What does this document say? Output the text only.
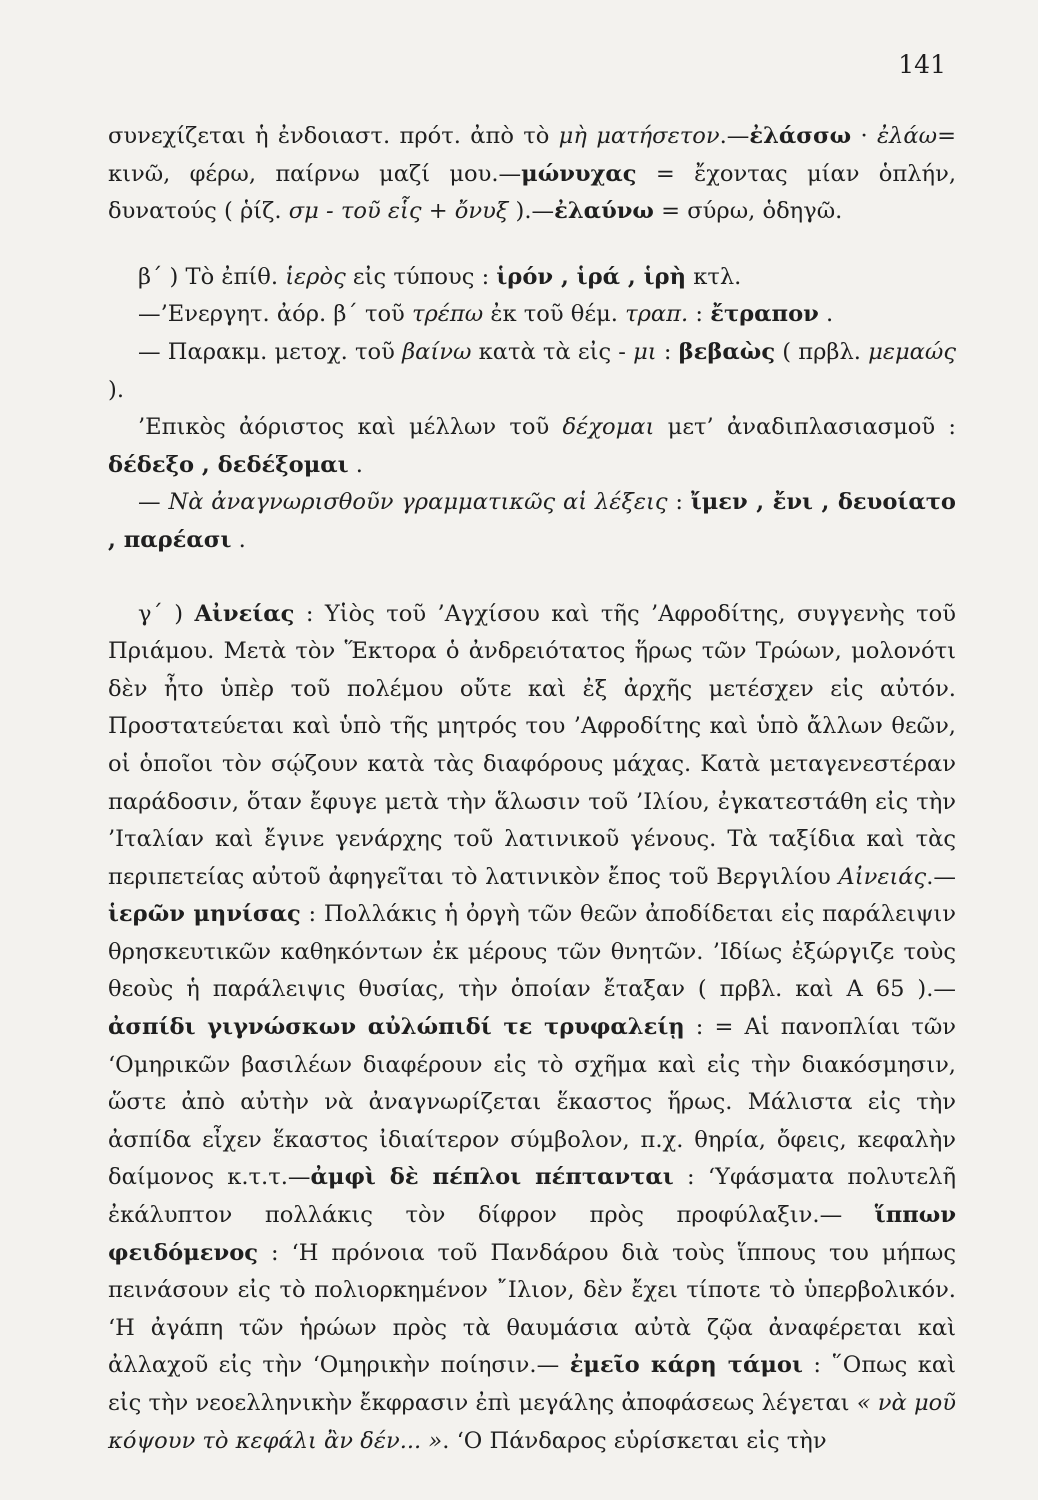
141

συνεχίζεται ἡ ἐνδοιαστ. πρότ. ἀπὸ τὸ μὴ ματήσετον.—ἐλάσσω · ἐλάω= κινῶ, φέρω, παίρνω μαζί μου.—μώνυχας = ἔχοντας μίαν ὁπλήν, δυνατούς ( ῥίζ. σμ - τοῦ εἷς + ὄνυξ ).—ἐλαύνω = σύρω, ὁδηγῶ.

β΄ ) Τὸ ἐπίθ. ἱερὸς εἰς τύπους : ἱρόν , ἱρά , ἱρὴ κτλ.

—’Ενεργητ. ἀόρ. β΄ τοῦ τρέπω ἐκ τοῦ θέμ. τραπ. : ἔτραπον .

— Παρακμ. μετοχ. τοῦ βαίνω κατὰ τὰ εἰς - μι : βεβαὼς ( πρβλ. μεμαώς ).

’Επικὸς ἀόριστος καὶ μέλλων τοῦ δέχομαι μετ’ ἀναδιπλασιασμοῦ : δέδεξο , δεδέξομαι .

— Νὰ ἀναγνωρισθοῦν γραμματικῶς αἱ λέξεις : ἴμεν , ἔνι , δευοίατο , παρέασι .

γ΄ ) Αἰνείας : Υἱὸς τοῦ ’Αγχίσου καὶ τῆς ’Αφροδίτης, συγγενὴς τοῦ Πριάμου. Μετὰ τὸν Ἕκτορα ὁ ἀνδρειότατος ἥρως τῶν Τρώων, μολονότι δὲν ἦτο ὑπὲρ τοῦ πολέμου οὔτε καὶ ἐξ ἀρχῆς μετέσχεν εἰς αὐτόν. Προστατεύεται καὶ ὑπὸ τῆς μητρός του ’Αφροδίτης καὶ ὑπὸ ἄλλων θεῶν, οἱ ὁποῖοι τὸν σῴζουν κατὰ τὰς διαφόρους μάχας. Κατὰ μεταγενεστέραν παράδοσιν, ὅταν ἔφυγε μετὰ τὴν ἅλωσιν τοῦ ’Ιλίου, ἐγκατεστάθη εἰς τὴν ’Ιταλίαν καὶ ἔγινε γενάρχης τοῦ λατινικοῦ γένους. Τὰ ταξίδια καὶ τὰς περιπετείας αὐτοῦ ἀφηγεῖται τὸ λατινικὸν ἔπος τοῦ Βεργιλίου Αἰνειάς.— ἱερῶν μηνίσας : Πολλάκις ἡ ὀργὴ τῶν θεῶν ἀποδίδεται εἰς παράλειψιν θρησκευτικῶν καθηκόντων ἐκ μέρους τῶν θνητῶν. ’Ιδίως ἐξώργιζε τοὺς θεοὺς ἡ παράλειψις θυσίας, τὴν ὁποίαν ἔταξαν ( πρβλ. καὶ Α 65 ).— ἀσπίδι γιγνώσκων αὐλώπιδί τε τρυφαλείῃ : = Αἱ πανοπλίαι τῶν ‘Ομηρικῶν βασιλέων διαφέρουν εἰς τὸ σχῆμα καὶ εἰς τὴν διακόσμησιν, ὥστε ἀπὸ αὐτὴν νὰ ἀναγνωρίζεται ἕκαστος ἥρως. Μάλιστα εἰς τὴν ἀσπίδα εἶχεν ἕκαστος ἰδιαίτερον σύμβολον, π.χ. θηρία, ὄφεις, κεφαλὴν δαίμονος κ.τ.τ.—ἀμφὶ δὲ πέπλοι πέπτανται : ‘Υφάσματα πολυτελῆ ἐκάλυπτον πολλάκις τὸν δίφρον πρὸς προφύλαξιν.— ἵππων φειδόμενος : ‘Η πρόνοια τοῦ Πανδάρου διὰ τοὺς ἵππους του μήπως πεινάσουν εἰς τὸ πολιορκημένον ῎Ιλιον, δὲν ἔχει τίποτε τὸ ὑπερβολικόν. ‘Η ἀγάπη τῶν ἡρώων πρὸς τὰ θαυμάσια αὐτὰ ζῷα ἀναφέρεται καὶ ἀλλαχοῦ εἰς τὴν ‘Ομηρικὴν ποίησιν.— ἐμεῖο κάρη τάμοι : ῞Οπως καὶ εἰς τὴν νεοελληνικὴν ἔκφρασιν ἐπὶ μεγάλης ἀποφάσεως λέγεται « νὰ μοῦ κόψουν τὸ κεφάλι ἂν δέν... ». ‘Ο Πάνδαρος εὑρίσκεται εἰς τὴν
